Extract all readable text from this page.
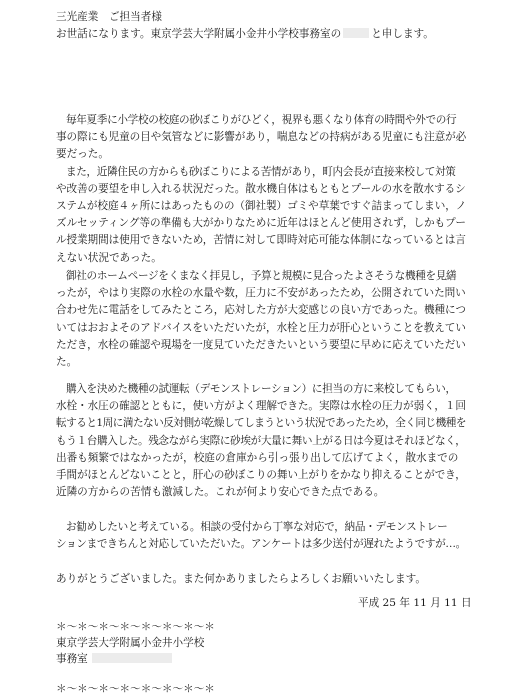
三光産業　ご担当者様
お世話になります。東京学芸大学附属小金井小学校事務室の	と申します。

毎年夏季に小学校の校庭の砂ぼこりがひどく，視界も悪くなり体育の時間や外での行

事の際にも児童の目や気管などに影響があり，喘息などの持病がある児童にも注意が必

要だった。

また，近隣住民の方からも砂ぼこりによる苦情があり，町内会長が直接来校して対策

や改善の要望を申し入れる状況だった。散水機自体はもともとプールの水を散水するシ

ステムが校庭４ヶ所にはあったものの（御社製）ゴミや草葉ですぐ詰まってしまい，ノ

ズルセッティング等の準備も大がかりなために近年はほとんど使用されず，しかもプー

ル授業期間は使用できないため，苦情に対して即時対応可能な体制になっているとは言

えない状況であった。

御社のホームページをくまなく拝見し，予算と規模に見合ったよさそうな機種を見繕

ったが，やはり実際の水栓の水量や数，圧力に不安があったため，公開されていた問い

合わせ先に電話をしてみたところ，応対した方が大変感じの良い方であった。機種につ

いてはおおよそのアドバイスをいただいたが，水栓と圧力が肝心ということを教えてい

ただき，水栓の確認や現場を一度見ていただきたいという要望に早めに応えていただい

た。

購入を決めた機種の試運転（デモンストレーション）に担当の方に来校してもらい，

水栓・水圧の確認とともに，使い方がよく理解できた。実際は水栓の圧力が弱く，１回

転すると1周に満たない反対側が乾燥してしまうという状況であったため，全く同じ機種を

もう１台購入した。残念ながら実際に砂埃が大量に舞い上がる日は今夏はそれほどなく，

出番も頻繁ではなかったが，校庭の倉庫から引っ張り出して広げてよく，散水までの

手間がほとんどないことと，肝心の砂ぼこりの舞い上がりをかなり抑えることができ，

近隣の方からの苦情も激減した。これが何より安心できた点である。

お勧めしたいと考えている。相談の受付から丁寧な対応で，納品・デモンストレー

ションまできちんと対応していただいた。アンケートは多少送付が遅れたようですが…。

ありがとうございました。また何かありましたらよろしくお願いいたします。
平成 25 年 11 月 11 日
＊～＊～＊～＊～＊～＊～＊～＊
東京学芸大学附属小金井小学校
事務室
＊～＊～＊～＊～＊～＊～＊～＊
